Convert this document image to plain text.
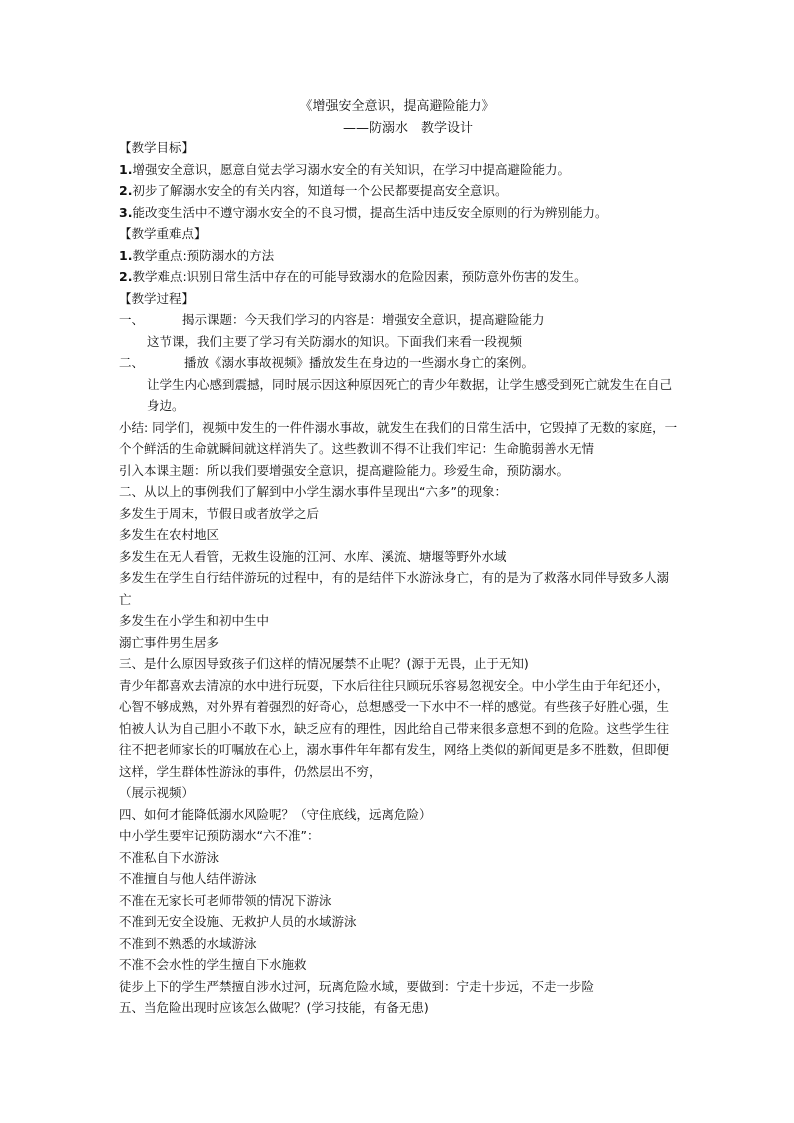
《增强安全意识，提高避险能力》
——防溺水　教学设计
【教学目标】
1.增强安全意识，愿意自觉去学习溺水安全的有关知识，在学习中提高避险能力。
2.初步了解溺水安全的有关内容，知道每一个公民都要提高安全意识。
3.能改变生活中不遵守溺水安全的不良习惯，提高生活中违反安全原则的行为辨别能力。
【教学重难点】
1.教学重点:预防溺水的方法
2.教学难点:识别日常生活中存在的可能导致溺水的危险因素，预防意外伤害的发生。
【教学过程】
一、	揭示课题：今天我们学习的内容是：增强安全意识，提高避险能力
这节课，我们主要了学习有关防溺水的知识。下面我们来看一段视频
二、	播放《溺水事故视频》播放发生在身边的一些溺水身亡的案例。
让学生内心感到震撼，同时展示因这种原因死亡的青少年数据，让学生感受到死亡就发生在自己身边。
小结: 同学们，视频中发生的一件件溺水事故，就发生在我们的日常生活中，它毁掉了无数的家庭，一个个鲜活的生命就瞬间就这样消失了。这些教训不得不让我们牢记：生命脆弱善水无情
引入本课主题：所以我们要增强安全意识，提高避险能力。珍爱生命，预防溺水。
二、从以上的事例我们了解到中小学生溺水事件呈现出“六多”的现象：
多发生于周末，节假日或者放学之后
多发生在农村地区
多发生在无人看管，无救生设施的江河、水库、溪流、塘堰等野外水域
多发生在学生自行结伴游玩的过程中，有的是结伴下水游泳身亡，有的是为了救落水同伴导致多人溺亡
多发生在小学生和初中生中
溺亡事件男生居多
三、是什么原因导致孩子们这样的情况屡禁不止呢？(源于无畏，止于无知)
青少年都喜欢去清凉的水中进行玩耍，下水后往往只顾玩乐容易忽视安全。中小学生由于年纪还小，心智不够成熟，对外界有着强烈的好奇心，总想感受一下水中不一样的感觉。有些孩子好胜心强，生怕被人认为自己胆小不敢下水，缺乏应有的理性，因此给自己带来很多意想不到的危险。这些学生往往不把老师家长的叮嘱放在心上，溺水事件年年都有发生，网络上类似的新闻更是多不胜数，但即便这样，学生群体性游泳的事件，仍然层出不穷，
（展示视频）
四、如何才能降低溺水风险呢？（守住底线，远离危险）
中小学生要牢记预防溺水“六不准”：
不准私自下水游泳
不准擅自与他人结伴游泳
不准在无家长可老师带领的情况下游泳
不准到无安全设施、无救护人员的水域游泳
不准到不熟悉的水域游泳
不准不会水性的学生擅自下水施救
徒步上下的学生严禁擅自涉水过河，玩离危险水域，要做到：宁走十步远，不走一步险
五、当危险出现时应该怎么做呢？(学习技能，有备无患)
